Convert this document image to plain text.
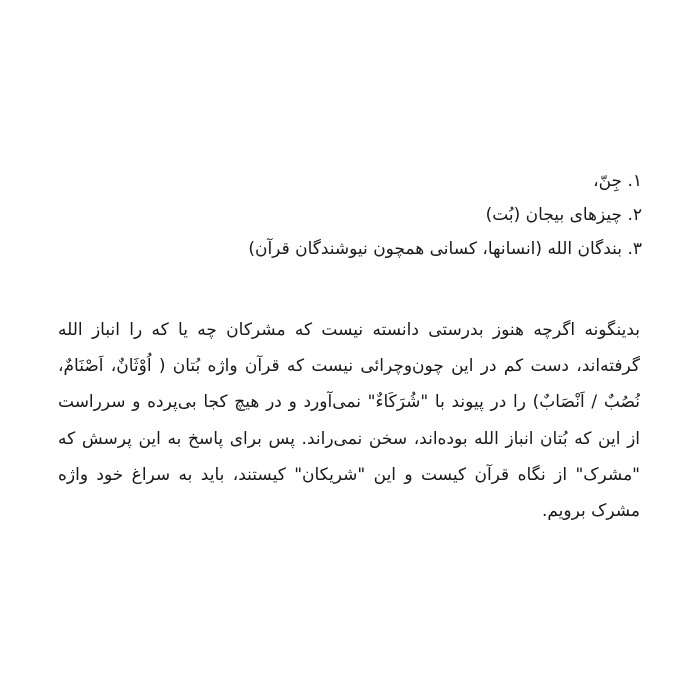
۱. جِنّ،
۲. چیزهای بیجان (بُت)
۳. بندگان الله (انسانها، کسانی همچون نیوشندگان قرآن)
بدینگونه اگرچه هنوز بدرستی دانسته نیست که مشرکان چه یا که را انباز الله
گرفته‌اند، دست کم در این چون‌وچرائی نیست که قرآن واژه بُتان ( اُوْثَانٌ، اَصْنَامٌ،
نُصُبٌ / اَنْصَابٌ) را در پیوند با "شُرَکَاءٌ" نمی‌آورد و در هیچ کجا بی‌پرده و سرراست
از این که بُتان انباز الله بوده‌اند، سخن نمی‌راند. پس برای پاسخ به این پرسش که
"مشرک" از نگاه قرآن کیست و این "شریکان" کیستند، باید به سراغ خود واژه
مشرک برویم.
